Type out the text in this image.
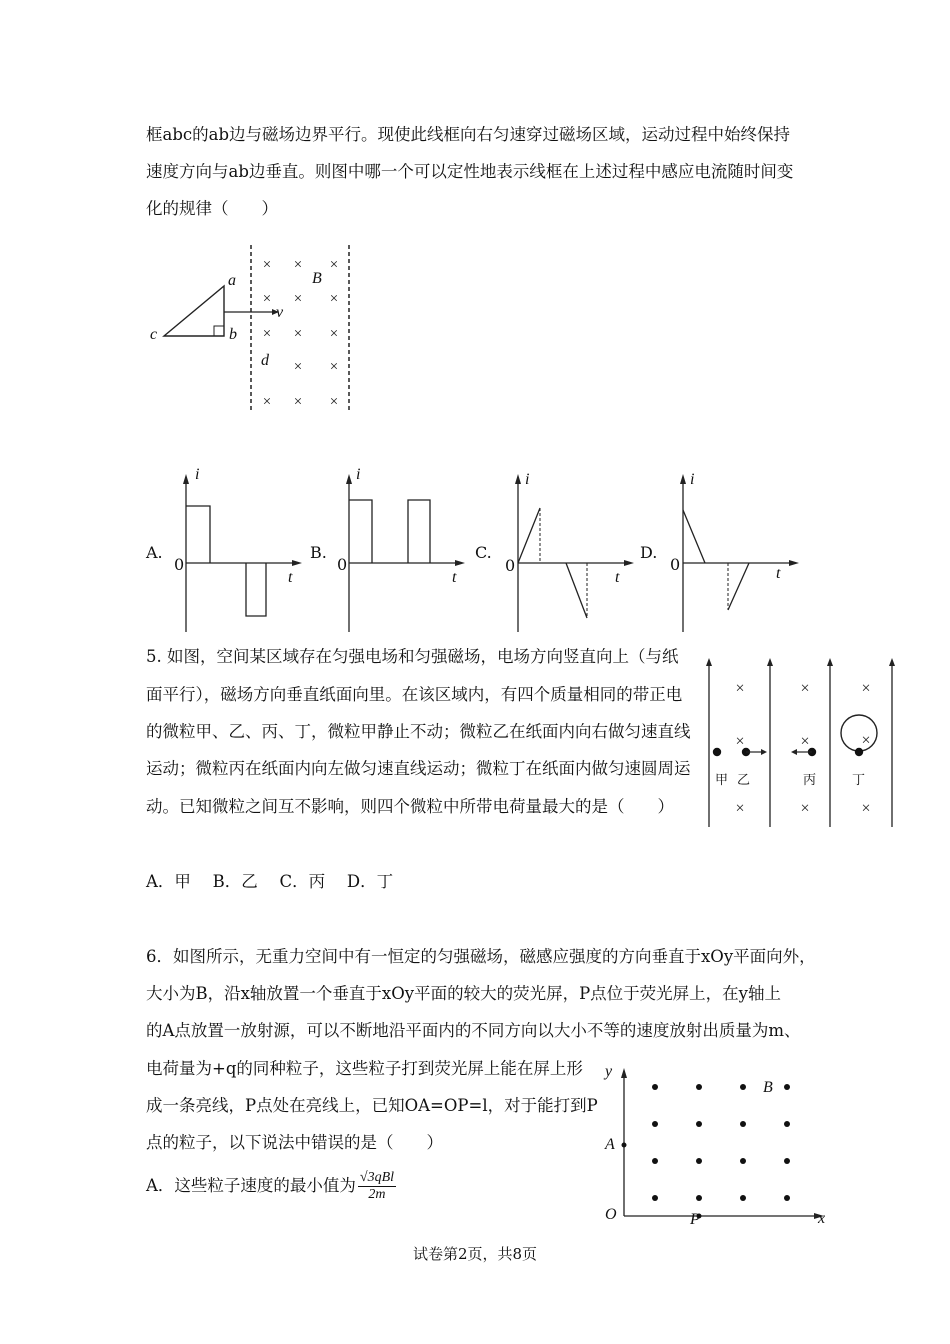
框abc的ab边与磁场边界平行。现使此线框向右匀速穿过磁场区域，运动过程中始终保持
速度方向与ab边垂直。则图中哪一个可以定性地表示线框在上述过程中感应电流随时间变
化的规律（　　）
× × ×
× × ×
× × ×
× ×
× × ×
a
b
c
d
B
v
A.
i
0
t
B.
i
0
t
C.
i
0
t
D.
i
0	t
5. 如图，空间某区域存在匀强电场和匀强磁场，电场方向竖直向上（与纸
面平行），磁场方向垂直纸面向里。在该区域内，有四个质量相同的带正电
的微粒甲、乙、丙、丁，微粒甲静止不动；微粒乙在纸面内向右做匀速直线
运动；微粒丙在纸面内向左做匀速直线运动；微粒丁在纸面内做匀速圆周运
动。已知微粒之间互不影响，则四个微粒中所带电荷量最大的是（　　）
A．甲　 B．乙　 C．丙　 D．丁
×	×	×
×	×
×	×	×
×
甲 乙	丙	丁
6．如图所示，无重力空间中有一恒定的匀强磁场，磁感应强度的方向垂直于xOy平面向外，
大小为B，沿x轴放置一个垂直于xOy平面的较大的荧光屏，P点位于荧光屏上，在y轴上
的A点放置一放射源，可以不断地沿平面内的不同方向以大小不等的速度放射出质量为m、
电荷量为+q的同种粒子，这些粒子打到荧光屏上能在屏上形
成一条亮线，P点处在亮线上，已知OA=OP=l，对于能打到P
点的粒子，以下说法中错误的是（　　）
A．这些粒子速度的最小值为 $\frac{\text{√3qBl}}{2m}$
y
x
O
A
P
B
试卷第2页，共8页
